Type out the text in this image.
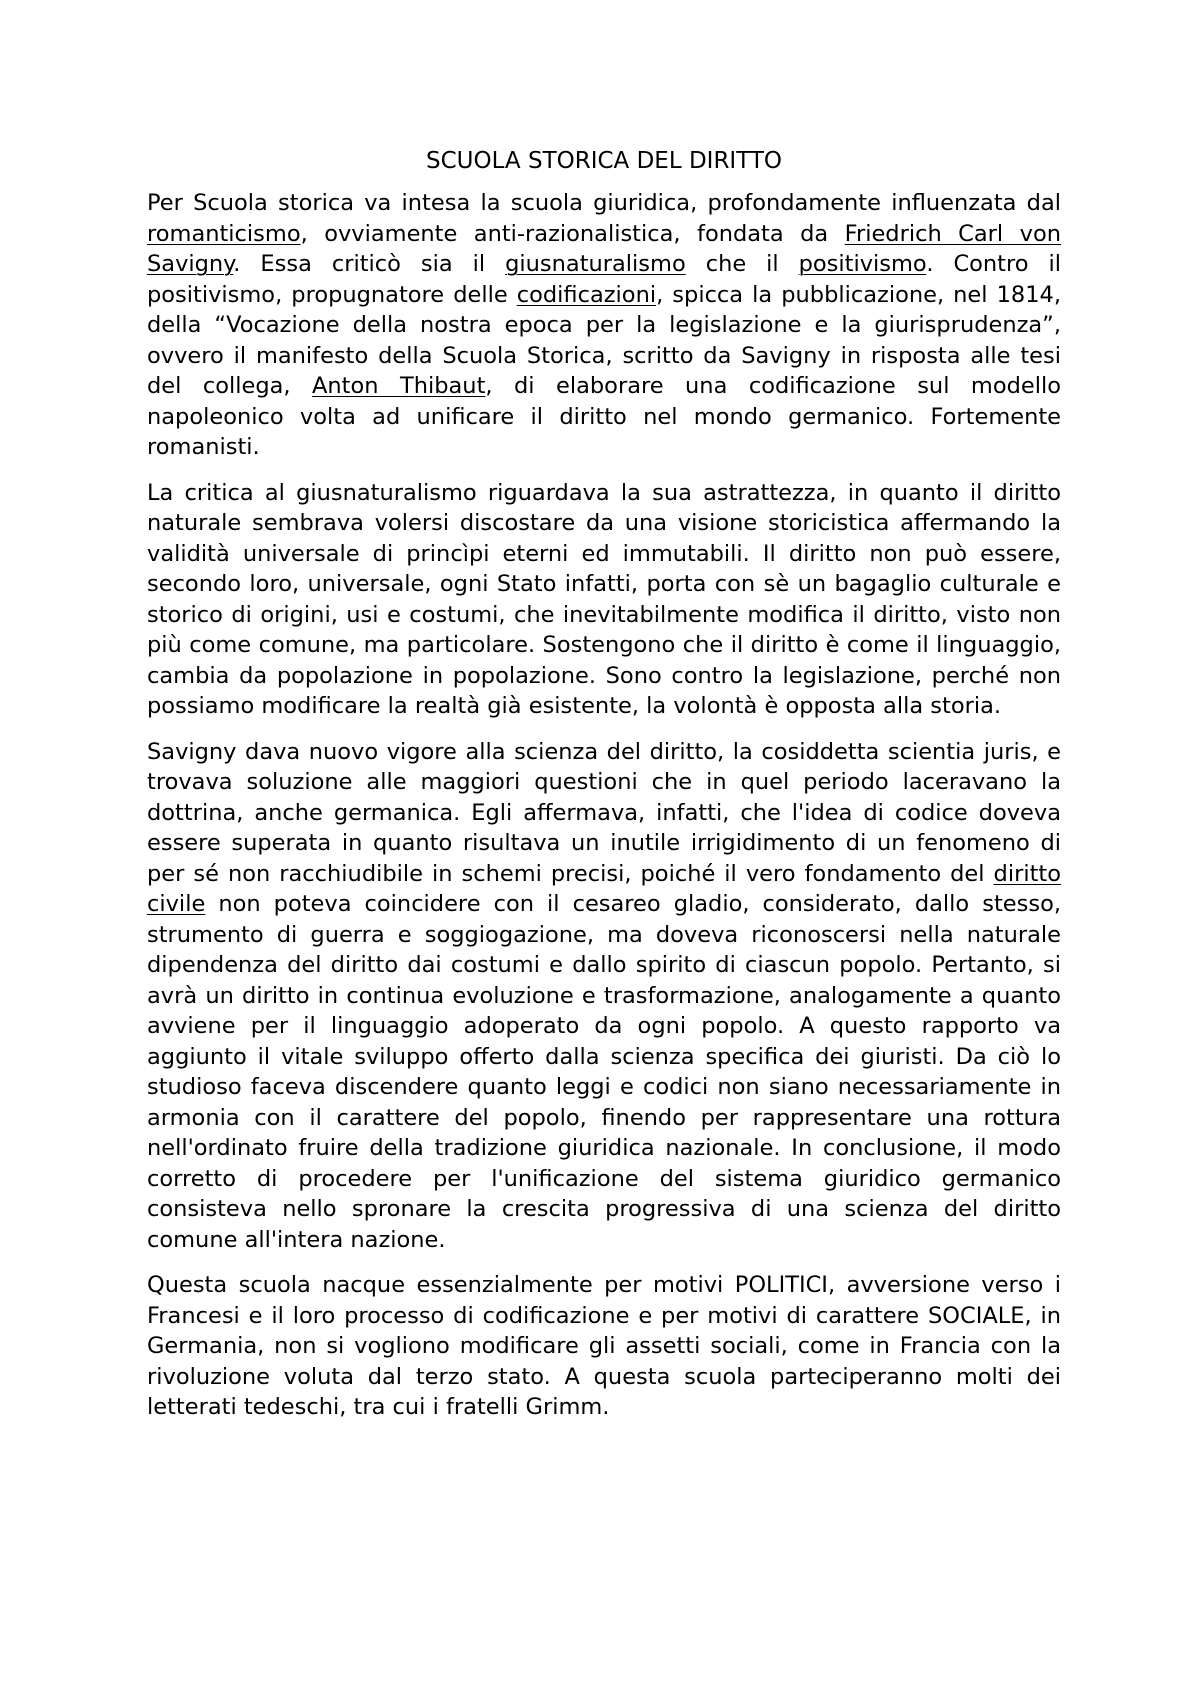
SCUOLA STORICA DEL DIRITTO

Per Scuola storica va intesa la scuola giuridica, profondamente influenzata dal romanticismo, ovviamente anti-razionalistica, fondata da Friedrich Carl von Savigny. Essa criticò sia il giusnaturalismo che il positivismo. Contro il positivismo, propugnatore delle codificazioni, spicca la pubblicazione, nel 1814, della “Vocazione della nostra epoca per la legislazione e la giurisprudenza”, ovvero il manifesto della Scuola Storica, scritto da Savigny in risposta alle tesi del collega, Anton Thibaut, di elaborare una codificazione sul modello napoleonico volta ad unificare il diritto nel mondo germanico. Fortemente romanisti.

La critica al giusnaturalismo riguardava la sua astrattezza, in quanto il diritto naturale sembrava volersi discostare da una visione storicistica affermando la validità universale di princìpi eterni ed immutabili. Il diritto non può essere, secondo loro, universale, ogni Stato infatti, porta con sè un bagaglio culturale e storico di origini, usi e costumi, che inevitabilmente modifica il diritto, visto non più come comune, ma particolare. Sostengono che il diritto è come il linguaggio, cambia da popolazione in popolazione. Sono contro la legislazione, perché non possiamo modificare la realtà già esistente, la volontà è opposta alla storia.

Savigny dava nuovo vigore alla scienza del diritto, la cosiddetta scientia juris, e trovava soluzione alle maggiori questioni che in quel periodo laceravano la dottrina, anche germanica. Egli affermava, infatti, che l'idea di codice doveva essere superata in quanto risultava un inutile irrigidimento di un fenomeno di per sé non racchiudibile in schemi precisi, poiché il vero fondamento del diritto civile non poteva coincidere con il cesareo gladio, considerato, dallo stesso, strumento di guerra e soggiogazione, ma doveva riconoscersi nella naturale dipendenza del diritto dai costumi e dallo spirito di ciascun popolo. Pertanto, si avrà un diritto in continua evoluzione e trasformazione, analogamente a quanto avviene per il linguaggio adoperato da ogni popolo. A questo rapporto va aggiunto il vitale sviluppo offerto dalla scienza specifica dei giuristi. Da ciò lo studioso faceva discendere quanto leggi e codici non siano necessariamente in armonia con il carattere del popolo, finendo per rappresentare una rottura nell'ordinato fruire della tradizione giuridica nazionale. In conclusione, il modo corretto di procedere per l'unificazione del sistema giuridico germanico consisteva nello spronare la crescita progressiva di una scienza del diritto comune all'intera nazione.

Questa scuola nacque essenzialmente per motivi POLITICI, avversione verso i Francesi e il loro processo di codificazione e per motivi di carattere SOCIALE, in Germania, non si vogliono modificare gli assetti sociali, come in Francia con la rivoluzione voluta dal terzo stato. A questa scuola parteciperanno molti dei letterati tedeschi, tra cui i fratelli Grimm.
